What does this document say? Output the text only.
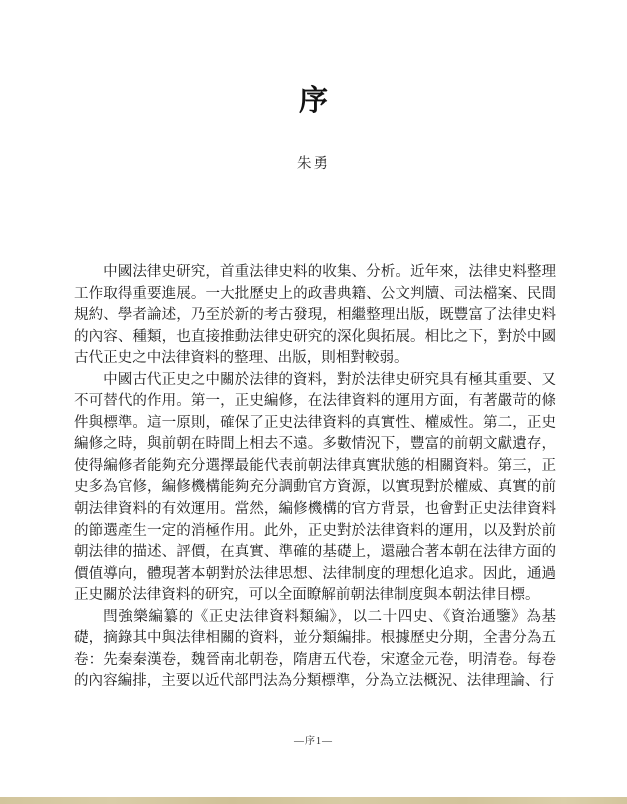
序
朱勇

中國法律史研究，首重法律史料的收集、分析。近年來，法律史料整理工作取得重要進展。一大批歷史上的政書典籍、公文判牘、司法檔案、民間規約、學者論述，乃至於新的考古發現，相繼整理出版，既豐富了法律史料的內容、種類，也直接推動法律史研究的深化與拓展。相比之下，對於中國古代正史之中法律資料的整理、出版，則相對較弱。

中國古代正史之中關於法律的資料，對於法律史研究具有極其重要、又不可替代的作用。第一，正史編修，在法律資料的運用方面，有著嚴苛的條件與標準。這一原則，確保了正史法律資料的真實性、權威性。第二，正史編修之時，與前朝在時間上相去不遠。多數情況下，豐富的前朝文獻遺存，使得編修者能夠充分選擇最能代表前朝法律真實狀態的相關資料。第三，正史多為官修，編修機構能夠充分調動官方資源，以實現對於權威、真實的前朝法律資料的有效運用。當然，編修機構的官方背景，也會對正史法律資料的節選產生一定的消極作用。此外，正史對於法律資料的運用，以及對於前朝法律的描述、評價，在真實、準確的基礎上，還融合著本朝在法律方面的價值導向，體現著本朝對於法律思想、法律制度的理想化追求。因此，通過正史關於法律資料的研究，可以全面瞭解前朝法律制度與本朝法律目標。

閆強樂編纂的《正史法律資料類編》，以二十四史、《資治通鑒》為基礎，摘錄其中與法律相關的資料，並分類編排。根據歷史分期，全書分為五卷：先秦秦漢卷，魏晉南北朝卷，隋唐五代卷，宋遼金元卷，明清卷。每卷的內容編排，主要以近代部門法為分類標準，分為立法概況、法律理論、行

—序1—
